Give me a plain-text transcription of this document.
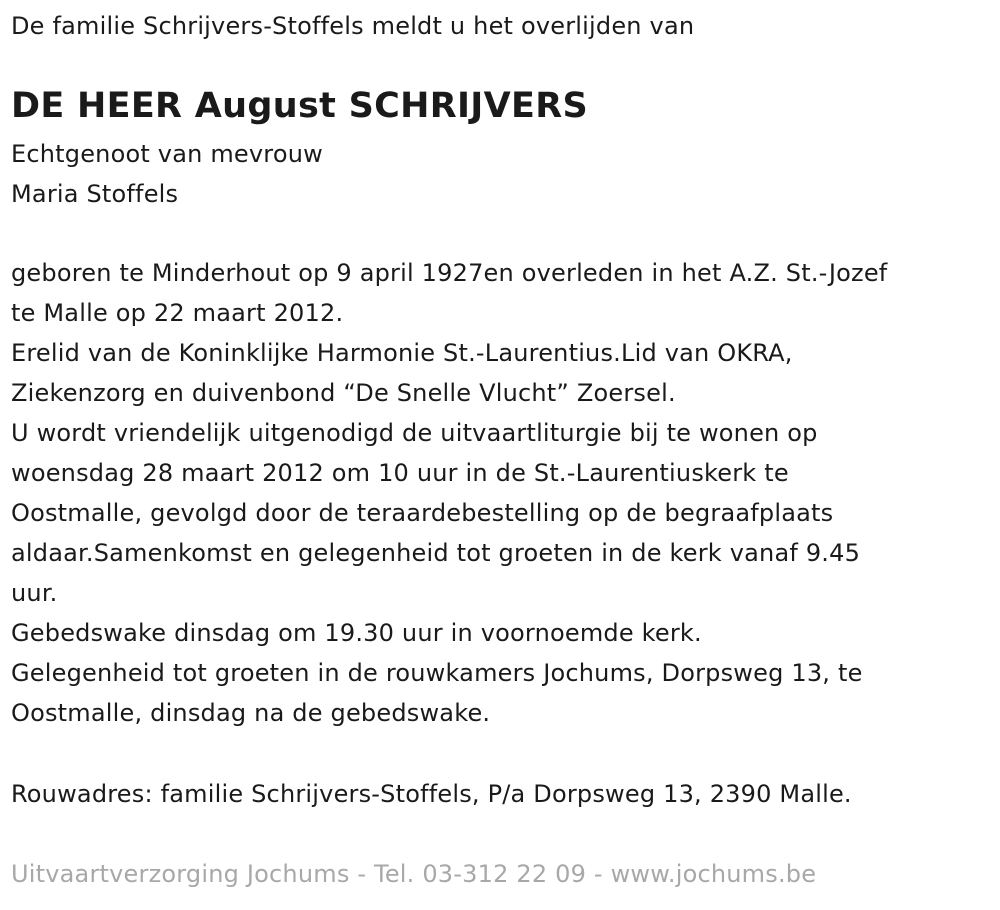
De familie Schrijvers-Stoffels meldt u het overlijden van
DE HEER August SCHRIJVERS
Echtgenoot van mevrouw
Maria Stoffels
geboren te Minderhout op 9 april 1927en overleden in het A.Z. St.-Jozef
te Malle op 22 maart 2012.
Erelid van de Koninklijke Harmonie St.-Laurentius.Lid van OKRA,
Ziekenzorg en duivenbond “De Snelle Vlucht” Zoersel.
U wordt vriendelijk uitgenodigd de uitvaartliturgie bij te wonen op
woensdag 28 maart 2012 om 10 uur in de St.-Laurentiuskerk te
Oostmalle, gevolgd door de teraardebestelling op de begraafplaats
aldaar.Samenkomst en gelegenheid tot groeten in de kerk vanaf 9.45
uur.
Gebedswake dinsdag om 19.30 uur in voornoemde kerk.
Gelegenheid tot groeten in de rouwkamers Jochums, Dorpsweg 13, te
Oostmalle, dinsdag na de gebedswake.
Rouwadres: familie Schrijvers-Stoffels, P/a Dorpsweg 13, 2390 Malle.
Uitvaartverzorging Jochums - Tel. 03-312 22 09 - www.jochums.be
